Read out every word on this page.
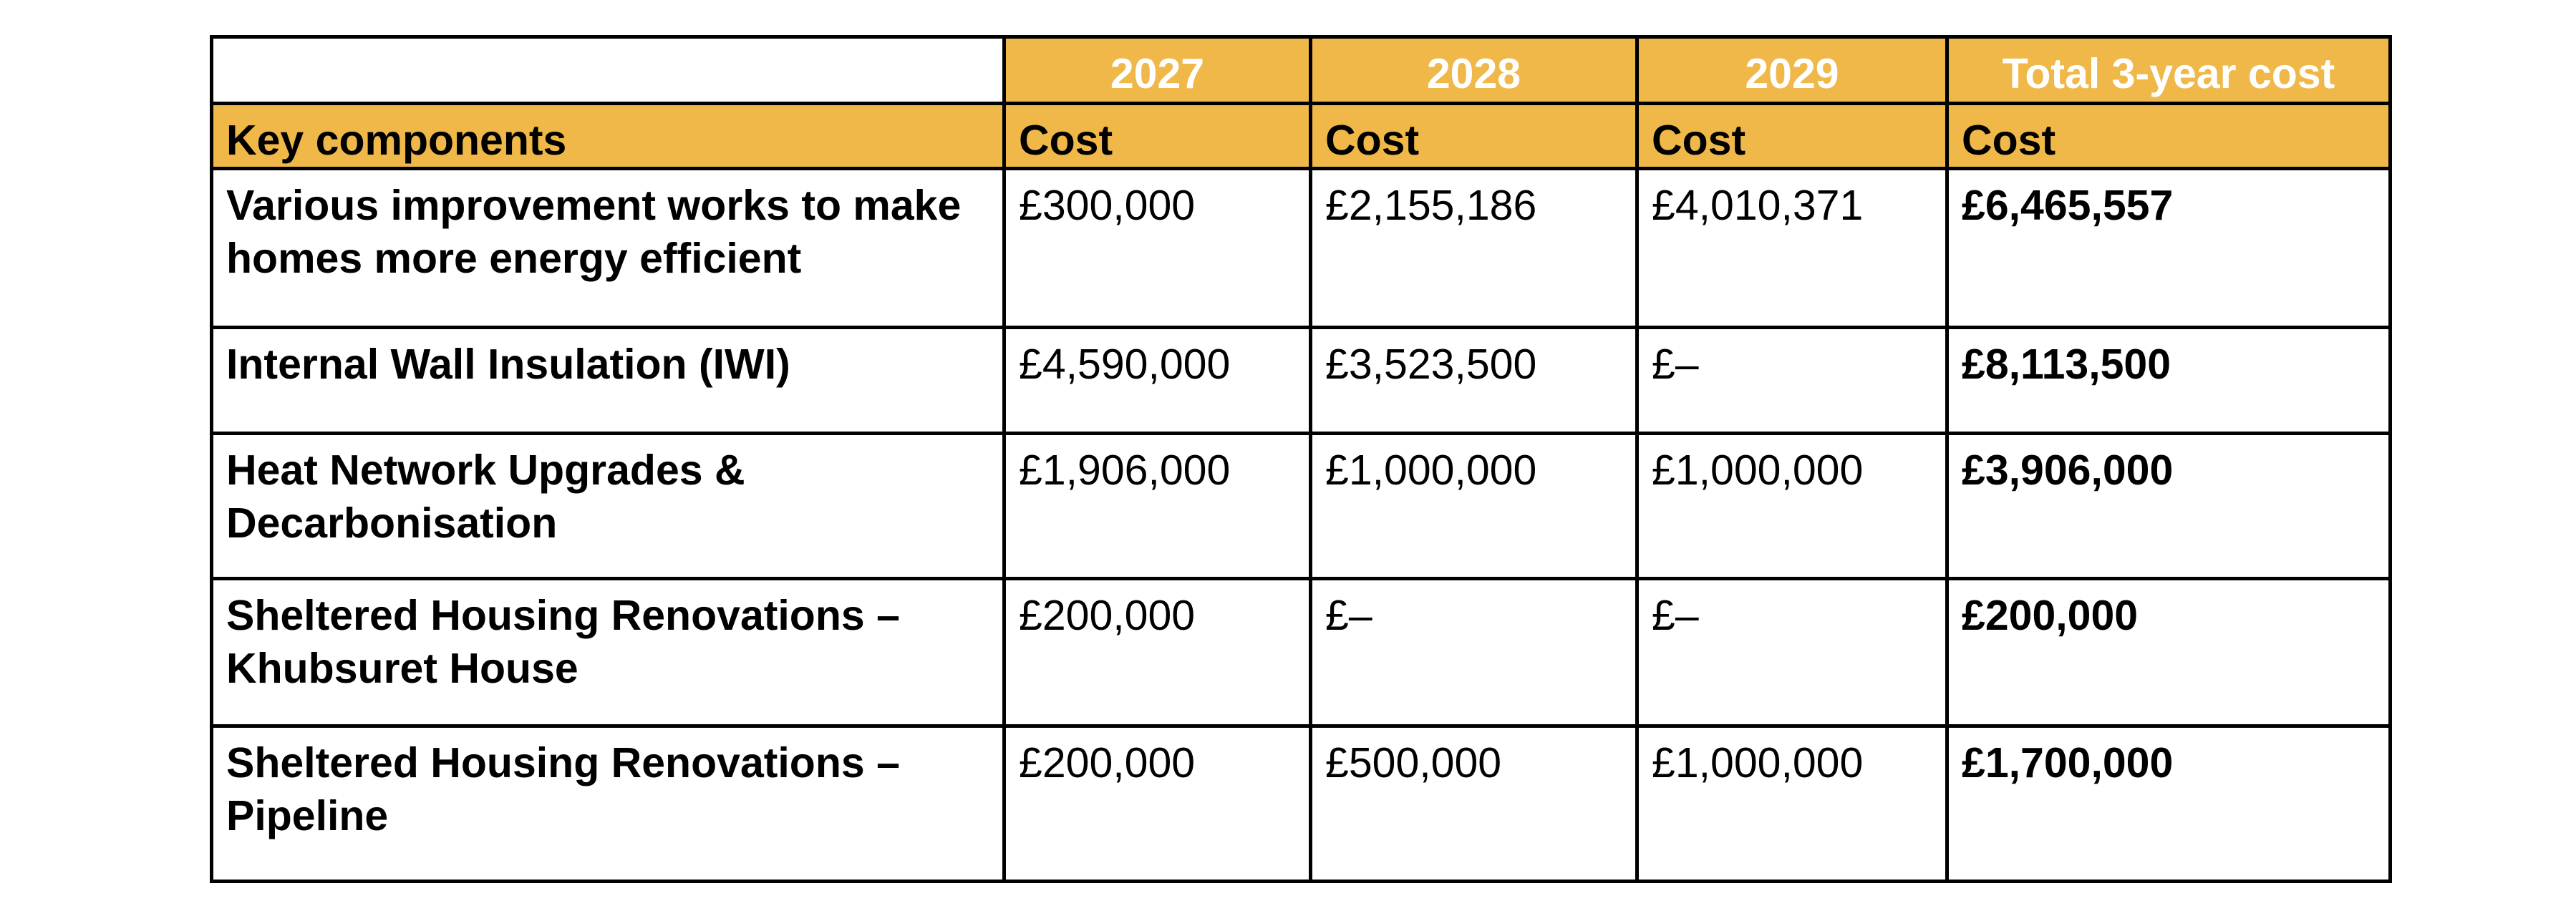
	2027	2028	2029	Total 3-year cost
Key components	Cost	Cost	Cost	Cost
Various improvement works to make homes more energy efficient	£300,000	£2,155,186	£4,010,371	£6,465,557
Internal Wall Insulation (IWI)	£4,590,000	£3,523,500	£–	£8,113,500
Heat Network Upgrades & Decarbonisation	£1,906,000	£1,000,000	£1,000,000	£3,906,000
Sheltered Housing Renovations – Khubsuret House	£200,000	£–	£–	£200,000
Sheltered Housing Renovations – Pipeline	£200,000	£500,000	£1,000,000	£1,700,000
